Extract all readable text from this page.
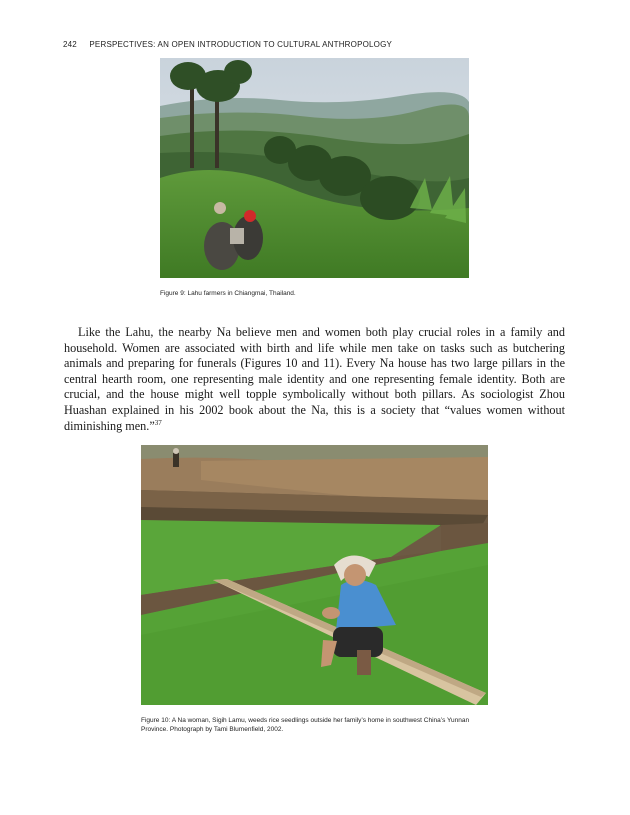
242 PERSPECTIVES: AN OPEN INTRODUCTION TO CULTURAL ANTHROPOLOGY
Figure 9: Lahu farmers in Chiangmai, Thailand.

Like the Lahu, the nearby Na believe men and women both play crucial roles in a family and household. Women are associated with birth and life while men take on tasks such as butchering animals and preparing for funerals (Figures 10 and 11). Every Na house has two large pillars in the central hearth room, one representing male identity and one representing female identity. Both are crucial, and the house might well topple symbolically without both pillars. As sociologist Zhou Huashan explained in his 2002 book about the Na, this is a society that “values women without diminishing men.”$^{37}$

Figure 10: A Na woman, Sigih Lamu, weeds rice seedlings outside her family’s home in southwest China’s Yunnan Province. Photograph by Tami Blumenfield, 2002.
